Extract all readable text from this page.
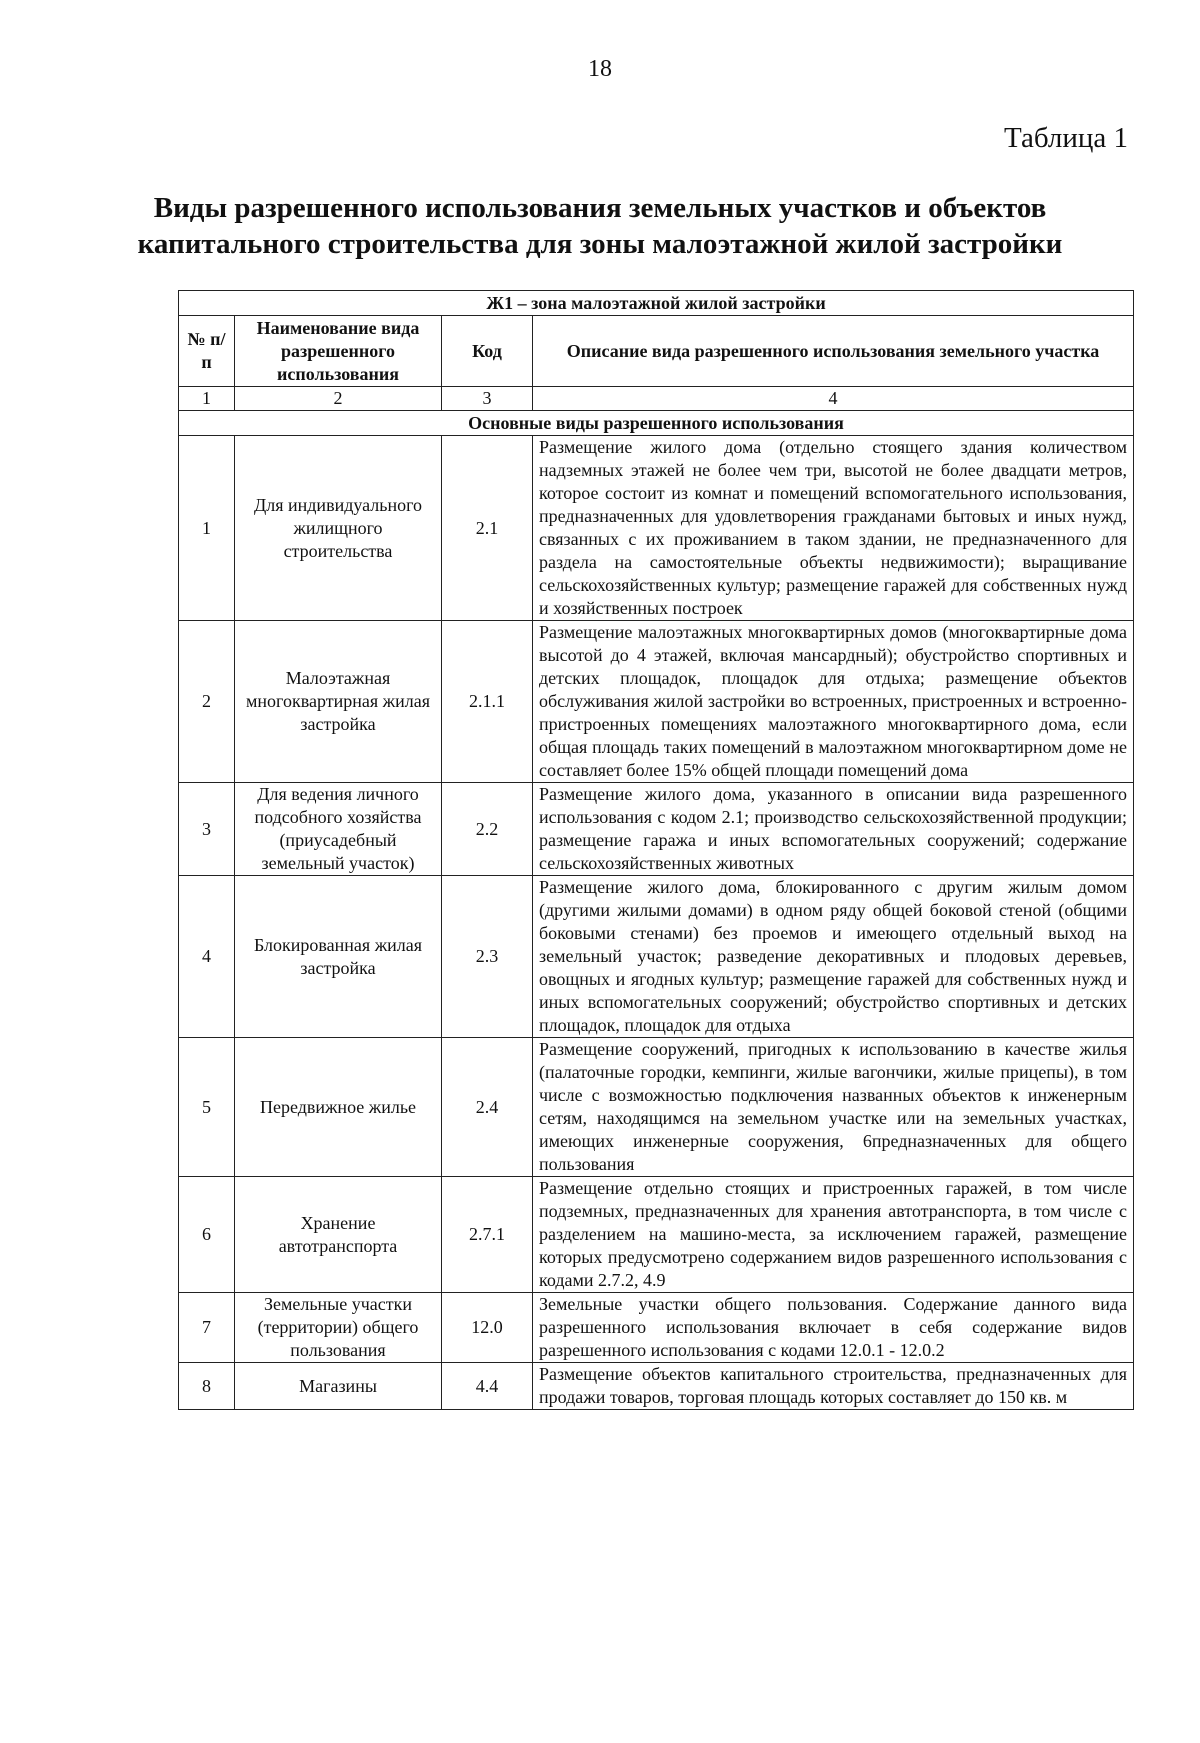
18
Таблица 1
Виды разрешенного использования земельных участков и объектов
капитального строительства для зоны малоэтажной жилой застройки
Ж1 – зона малоэтажной жилой застройки			
№ п/п	Наименование вида разрешенного использования	Код	Описание вида разрешенного использования земельного участка
1	2	3	4
Основные виды разрешенного использования			
1	Для индивидуального жилищного строительства	2.1	Размещение жилого дома (отдельно стоящего здания количеством надземных этажей не более чем три, высотой не более двадцати метров, которое состоит из комнат и помещений вспомогательного использования, предназначенных для удовлетворения гражданами бытовых и иных нужд, связанных с их проживанием в таком здании, не предназначенного для раздела на самостоятельные объекты недвижимости); выращивание сельскохозяйственных культур; размещение гаражей для собственных нужд и хозяйственных построек
2	Малоэтажная многоквартирная жилая застройка	2.1.1	Размещение малоэтажных многоквартирных домов (многоквартирные дома высотой до 4 этажей, включая мансардный); обустройство спортивных и детских площадок, площадок для отдыха; размещение объектов обслуживания жилой застройки во встроенных, пристроенных и встроенно-пристроенных помещениях малоэтажного многоквартирного дома, если общая площадь таких помещений в малоэтажном многоквартирном доме не составляет более 15% общей площади помещений дома
3	Для ведения личного подсобного хозяйства (приусадебный земельный участок)	2.2	Размещение жилого дома, указанного в описании вида разрешенного использования с кодом 2.1; производство сельскохозяйственной продукции; размещение гаража и иных вспомогательных сооружений; содержание сельскохозяйственных животных
4	Блокированная жилая застройка	2.3	Размещение жилого дома, блокированного с другим жилым домом (другими жилыми домами) в одном ряду общей боковой стеной (общими боковыми стенами) без проемов и имеющего отдельный выход на земельный участок; разведение декоративных и плодовых деревьев, овощных и ягодных культур; размещение гаражей для собственных нужд и иных вспомогательных сооружений; обустройство спортивных и детских площадок, площадок для отдыха
5	Передвижное жилье	2.4	Размещение сооружений, пригодных к использованию в качестве жилья (палаточные городки, кемпинги, жилые вагончики, жилые прицепы), в том числе с возможностью подключения названных объектов к инженерным сетям, находящимся на земельном участке или на земельных участках, имеющих инженерные сооружения, 6предназначенных для общего пользования
6	Хранение автотранспорта	2.7.1	Размещение отдельно стоящих и пристроенных гаражей, в том числе подземных, предназначенных для хранения автотранспорта, в том числе с разделением на машино-места, за исключением гаражей, размещение которых предусмотрено содержанием видов разрешенного использования с кодами 2.7.2, 4.9
7	Земельные участки (территории) общего пользования	12.0	Земельные участки общего пользования. Содержание данного вида разрешенного использования включает в себя содержание видов разрешенного использования с кодами 12.0.1 - 12.0.2
8	Магазины	4.4	Размещение объектов капитального строительства, предназначенных для продажи товаров, торговая площадь которых составляет до 150 кв. м
